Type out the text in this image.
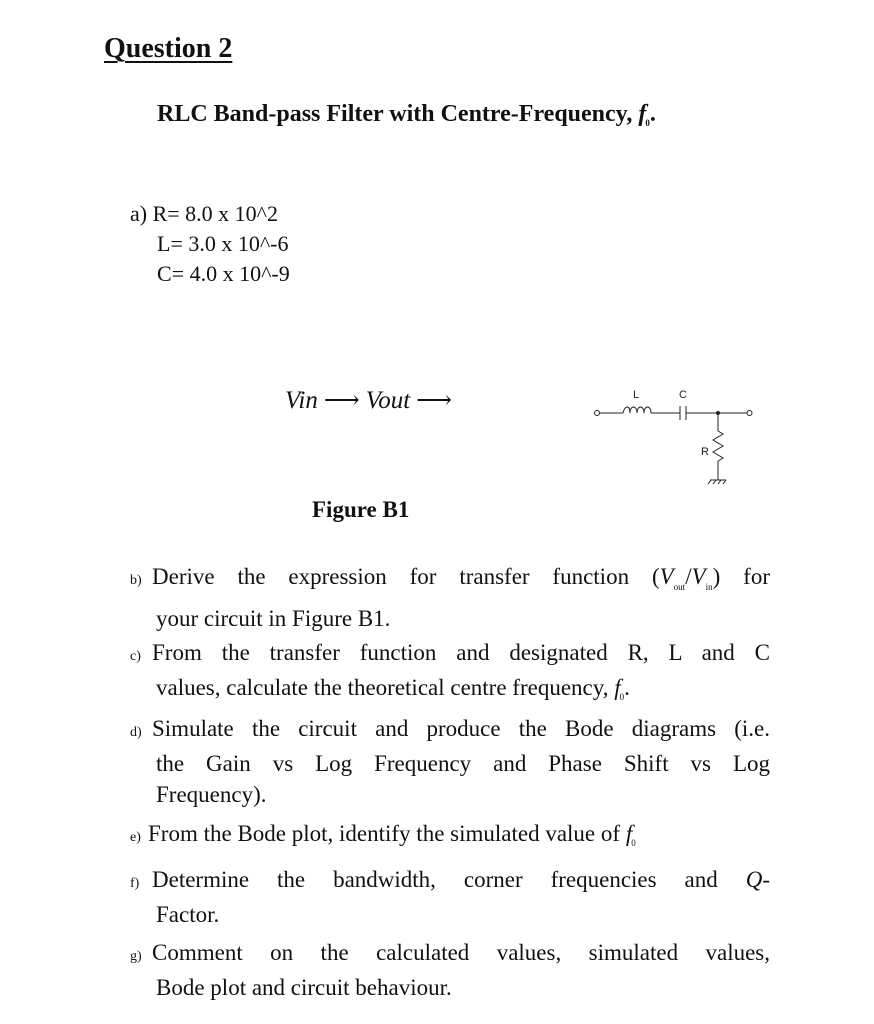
Question 2
RLC Band-pass Filter with Centre-Frequency, $f_0$.
a) R= 8.0 x 10^2
L= 3.0 x 10^-6
C= 4.0 x 10^-9
Vin ⟶ Vout ⟶	L	C
R
Figure B1
b) Derive the expression for transfer function $(V_{out}/V_{in})$ for
your circuit in Figure B1.
c) From the transfer function and designated R, L and C
values, calculate the theoretical centre frequency, $f_0$.
d) Simulate the circuit and produce the Bode diagrams (i.e.
the Gain vs Log Frequency and Phase Shift vs Log
Frequency).
e) From the Bode plot, identify the simulated value of $f_0$
f) Determine the bandwidth, corner frequencies and Q-
Factor.
g) Comment on the calculated values, simulated values,
Bode plot and circuit behaviour.
